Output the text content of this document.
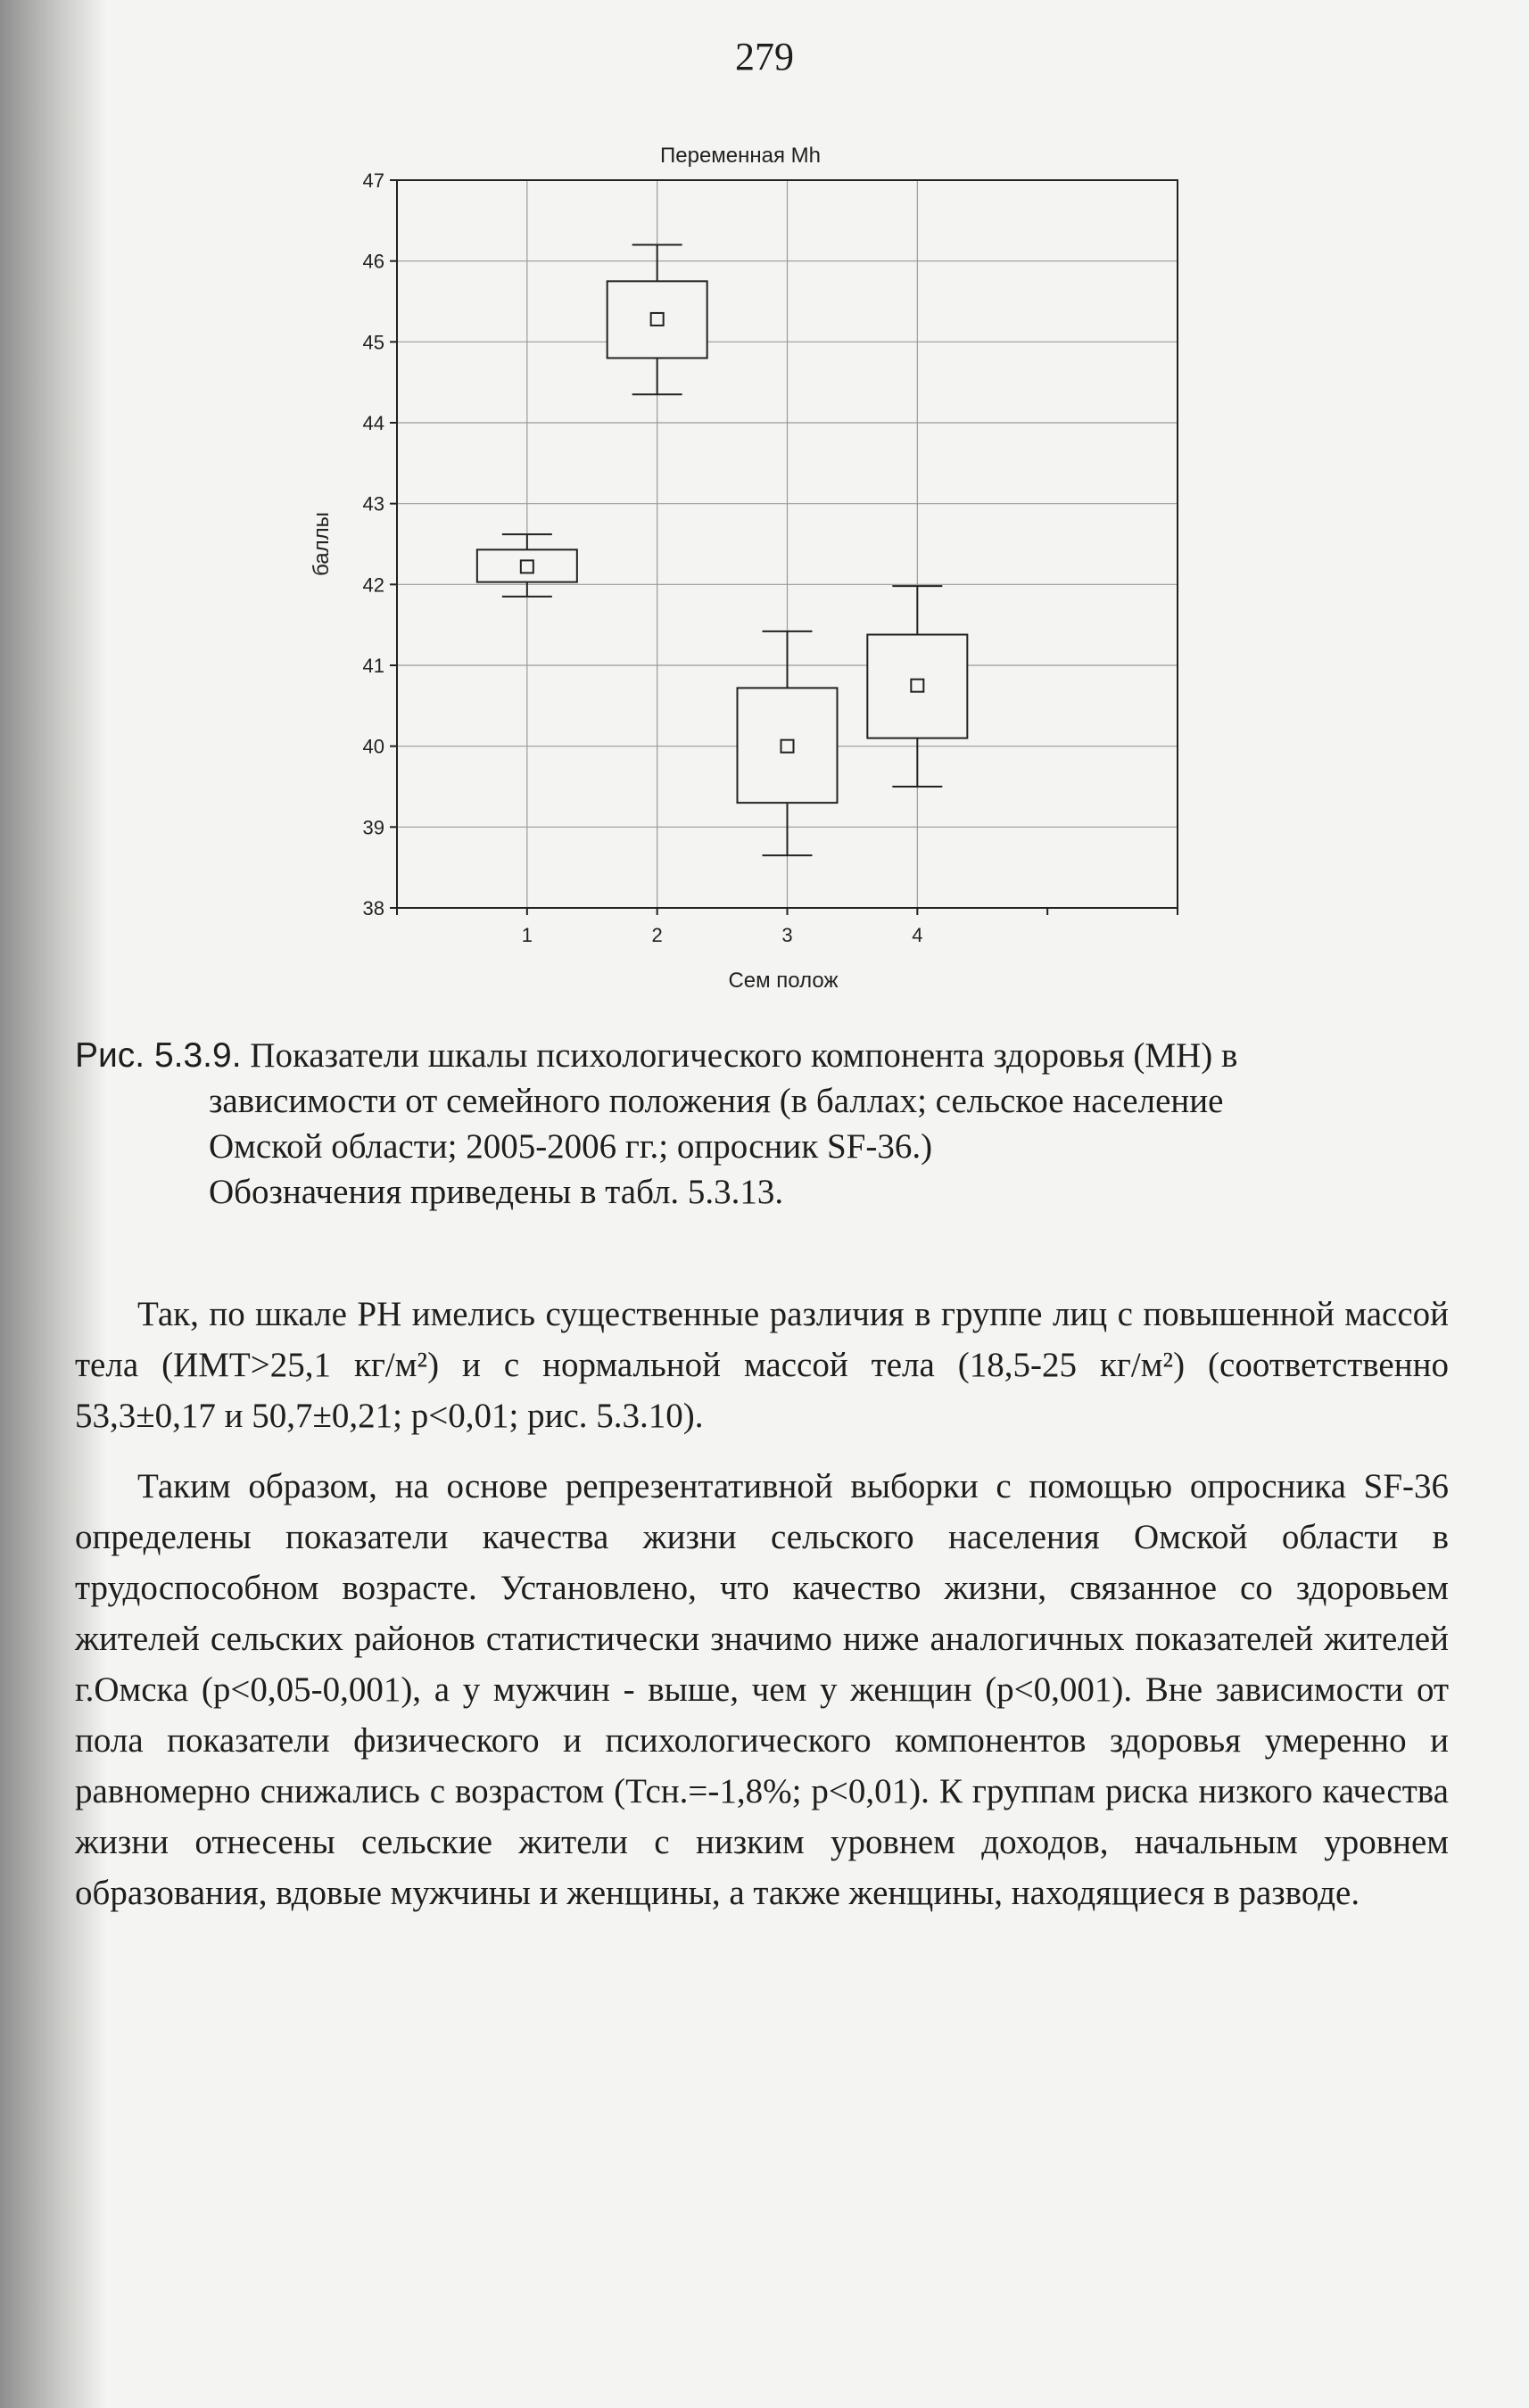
279
38
39
40
41
42
43
44
45
46
47
1	2	3	4
Переменная Mh
Сем полож
баллы
Рис. 5.3.9. Показатели шкалы психологического компонента здоровья (МН) в
зависимости от семейного положения (в баллах; сельское население
Омской области; 2005-2006 гг.; опросник SF-36.)
Обозначения приведены в табл. 5.3.13.

Так, по шкале PH имелись существенные различия в группе лиц с повышенной массой тела (ИМТ>25,1 кг/м²) и с нормальной массой тела (18,5-25 кг/м²) (соответственно 53,3±0,17 и 50,7±0,21; p<0,01; рис. 5.3.10).

Таким образом, на основе репрезентативной выборки с помощью опросника SF-36 определены показатели качества жизни сельского населения Омской области в трудоспособном возрасте. Установлено, что качество жизни, связанное со здоровьем жителей сельских районов статистически значимо ниже аналогичных показателей жителей г.Омска (p<0,05-0,001), а у мужчин - выше, чем у женщин (p<0,001). Вне зависимости от пола показатели физического и психологического компонентов здоровья умеренно и равномерно снижались с возрастом (Тсн.=-1,8%; p<0,01). К группам риска низкого качества жизни отнесены сельские жители с низким уровнем доходов, начальным уровнем образования, вдовые мужчины и женщины, а также женщины, находящиеся в разводе.
